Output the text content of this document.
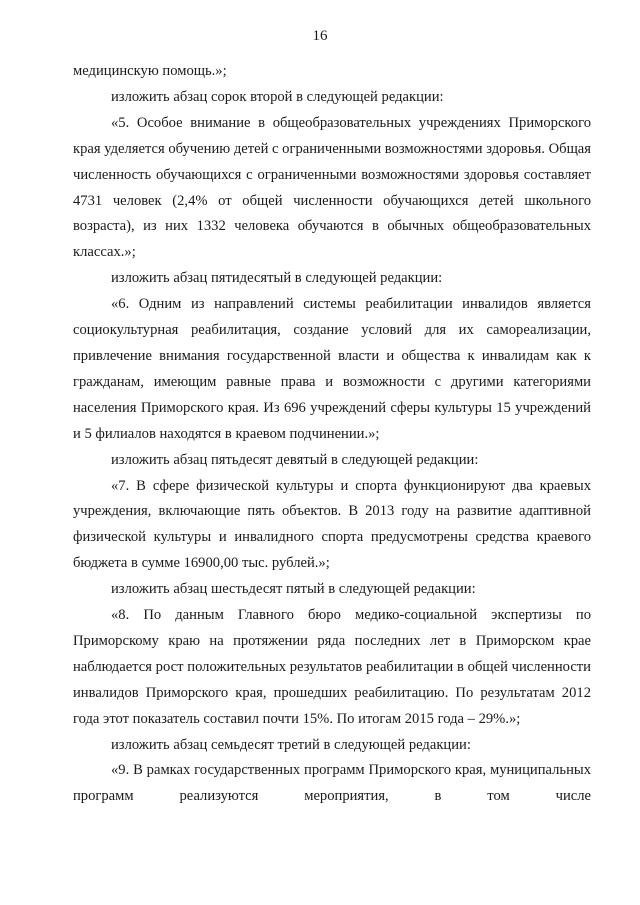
16

медицинскую помощь.»;

изложить абзац сорок второй в следующей редакции:

«5. Особое внимание в общеобразовательных учреждениях Приморского края уделяется обучению детей с ограниченными возможностями здоровья. Общая численность обучающихся с ограниченными возможностями здоровья составляет 4731 человек (2,4% от общей численности обучающихся детей школьного возраста), из них 1332 человека обучаются в обычных общеобразовательных классах.»;

изложить абзац пятидесятый в следующей редакции:

«6. Одним из направлений системы реабилитации инвалидов является социокультурная реабилитация, создание условий для их самореализации, привлечение внимания государственной власти и общества к инвалидам как к гражданам, имеющим равные права и возможности с другими категориями населения Приморского края. Из 696 учреждений сферы культуры 15 учреждений и 5 филиалов находятся в краевом подчинении.»;

изложить абзац пятьдесят девятый в следующей редакции:

«7. В сфере физической культуры и спорта функционируют два краевых учреждения, включающие пять объектов. В 2013 году на развитие адаптивной физической культуры и инвалидного спорта предусмотрены средства краевого бюджета в сумме 16900,00 тыс. рублей.»;

изложить абзац шестьдесят пятый в следующей редакции:

«8. По данным Главного бюро медико-социальной экспертизы по Приморскому краю на протяжении ряда последних лет в Приморском крае наблюдается рост положительных результатов реабилитации в общей численности инвалидов Приморского края, прошедших реабилитацию. По результатам 2012 года этот показатель составил почти 15%. По итогам 2015 года – 29%.»;

изложить абзац семьдесят третий в следующей редакции:

«9. В рамках государственных программ Приморского края, муниципальных программ реализуются мероприятия, в том числе
